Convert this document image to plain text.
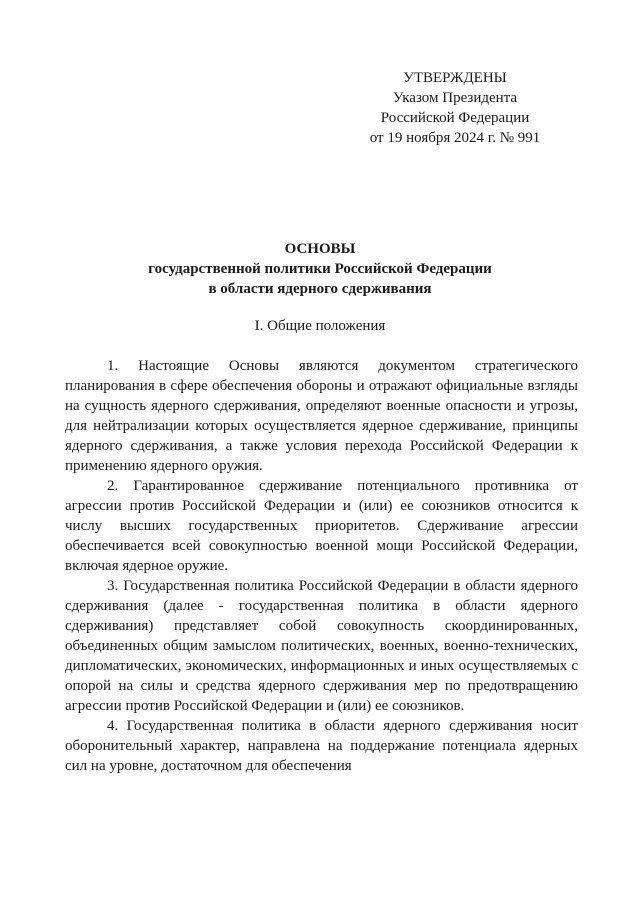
УТВЕРЖДЕНЫ
Указом Президента
Российской Федерации
от 19 ноября 2024 г. № 991
ОСНОВЫ
государственной политики Российской Федерации
в области ядерного сдерживания
I. Общие положения

1. Настоящие Основы являются документом стратегического планирования в сфере обеспечения обороны и отражают официальные взгляды на сущность ядерного сдерживания, определяют военные опасности и угрозы, для нейтрализации которых осуществляется ядерное сдерживание, принципы ядерного сдерживания, а также условия перехода Российской Федерации к применению ядерного оружия.

2. Гарантированное сдерживание потенциального противника от агрессии против Российской Федерации и (или) ее союзников относится к числу высших государственных приоритетов. Сдерживание агрессии обеспечивается всей совокупностью военной мощи Российской Федерации, включая ядерное оружие.

3. Государственная политика Российской Федерации в области ядерного сдерживания (далее - государственная политика в области ядерного сдерживания) представляет собой совокупность скоординированных, объединенных общим замыслом политических, военных, военно-технических, дипломатических, экономических, информационных и иных осуществляемых с опорой на силы и средства ядерного сдерживания мер по предотвращению агрессии против Российской Федерации и (или) ее союзников.

4. Государственная политика в области ядерного сдерживания носит оборонительный характер, направлена на поддержание потенциала ядерных сил на уровне, достаточном для обеспечения
